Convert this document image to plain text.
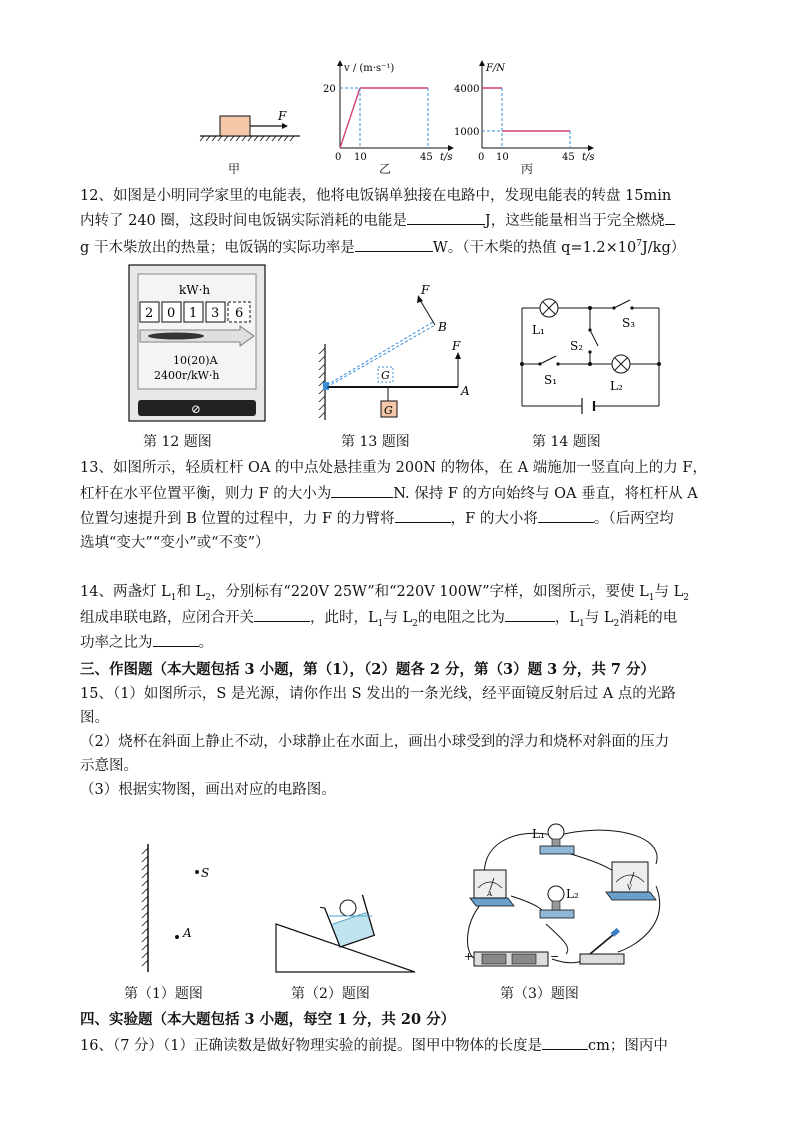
F
v / (m·s⁻¹)
20
0 10	45 t/s
F/N
4000
1000
0 10	45 t/s
甲	乙	丙
12、如图是小明同学家里的电能表，他将电饭锅单独接在电路中，发现电能表的转盘 15min
内转了 240 圈，这段时间电饭锅实际消耗的电能是	J，这些能量相当于完全燃烧
g 干木柴放出的热量；电饭锅的实际功率是	W。（干木柴的热值 $q=1.2\times 10^7J/kg$）
kW·h
2 0 1 3 6
10(20)A
2400r/kW·h
⊘
F
B
F
A
G
G
L₁	S₃
S₂
S₁	L₂
第 12 题图	第 13 题图	第 14 题图
13、如图所示，轻质杠杆 OA 的中点处悬挂重为 200N 的物体，在 A 端施加一竖直向上的力 F，
杠杆在水平位置平衡，则力 F 的大小为	N. 保持 F 的方向始终与 OA 垂直，将杠杆从 A
位置匀速提升到 B 位置的过程中，力 F 的力臂将	，F 的大小将	。（后两空均
选填“变大”“变小”或“不变”）
14、两盏灯 $L_1$和 $L_2$，分别标有“220V 25W”和“220V 100W”字样，如图所示，要使 $L_1$与 $L_2$
组成串联电路，应闭合开关	，此时，$L_1$与 $L_2$的电阻之比为	，$L_1$与 $L_2$消耗的电
功率之比为	。
三、作图题（本大题包括 3 小题，第（1），（2）题各 2 分，第（3）题 3 分，共 7 分）
15、（1）如图所示，S 是光源，请你作出 S 发出的一条光线，经平面镜反射后过 A 点的光路
图。
（2）烧杯在斜面上静止不动，小球静止在水面上，画出小球受到的浮力和烧杯对斜面的压力
示意图。
（3）根据实物图，画出对应的电路图。
S
A
L₁
A
V
L₂
+	−
第（1）题图	第（2）题图	第（3）题图
四、实验题（本大题包括 3 小题，每空 1 分，共 20 分）
16、（7 分）（1）正确读数是做好物理实验的前提。图甲中物体的长度是	cm；图丙中
